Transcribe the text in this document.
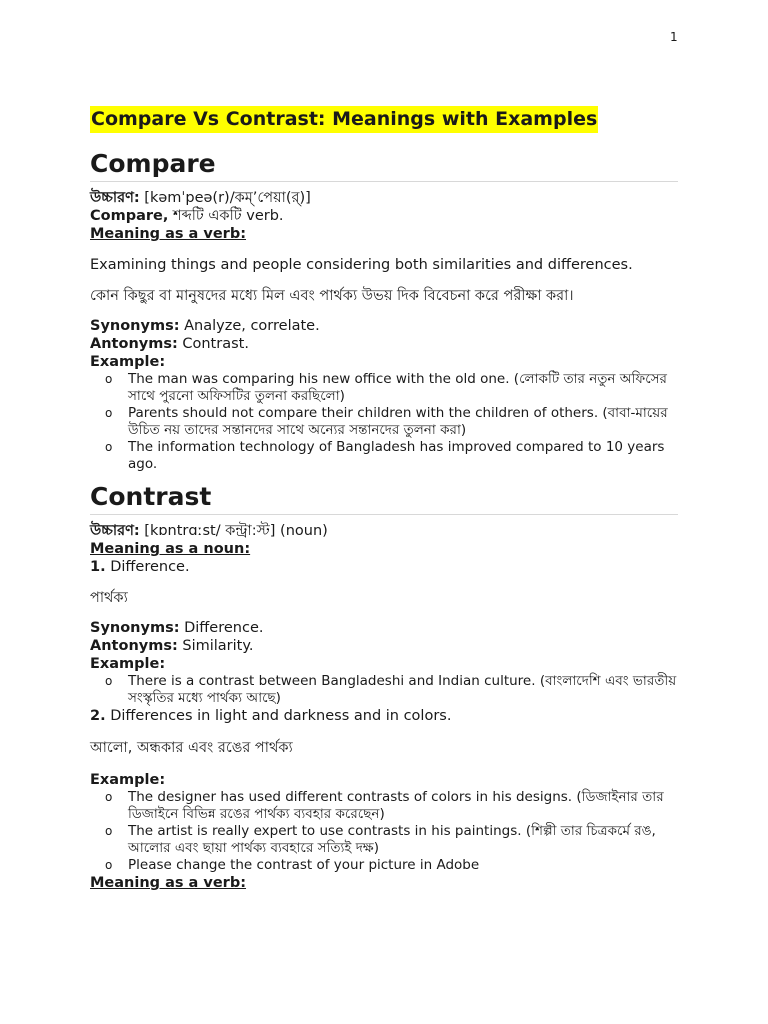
1

Compare Vs Contrast: Meanings with Examples

Compare

উচ্চারণ: [kəmˈpeə(r)/কম্’পেয়া(র্)]

Compare, শব্দটি একটি verb.

Meaning as a verb:

Examining things and people considering both similarities and differences.

কোন কিছুর বা মানুষদের মধ্যে মিল এবং পার্থক্য উভয় দিক বিবেচনা করে পরীক্ষা করা।

Synonyms: Analyze, correlate.

Antonyms: Contrast.

Example:

o The man was comparing his new office with the old one. (লোকটি তার নতুন অফিসের সাথে পুরনো অফিসটির তুলনা করছিলো)
o Parents should not compare their children with the children of others. (বাবা-মায়ের উচিত নয় তাদের সন্তানদের সাথে অন্যের সন্তানদের তুলনা করা)
o The information technology of Bangladesh has improved compared to 10 years ago.
Contrast

উচ্চারণ: [kɒntrɑːst/ কন্ট্রা:স্ট] (noun)

Meaning as a noun:

1. Difference.

পার্থক্য

Synonyms: Difference.

Antonyms: Similarity.

Example:

o There is a contrast between Bangladeshi and Indian culture. (বাংলাদেশি এবং ভারতীয় সংস্কৃতির মধ্যে পার্থক্য আছে)

2. Differences in light and darkness and in colors.

আলো, অন্ধকার এবং রঙের পার্থক্য

Example:

o The designer has used different contrasts of colors in his designs. (ডিজাইনার তার ডিজাইনে বিভিন্ন রঙের পার্থক্য ব্যবহার করেছেন)
o The artist is really expert to use contrasts in his paintings. (শিল্পী তার চিত্রকর্মে রঙ, আলোর এবং ছায়া পার্থক্য ব্যবহারে সত্যিই দক্ষ)
o Please change the contrast of your picture in Adobe

Meaning as a verb:
